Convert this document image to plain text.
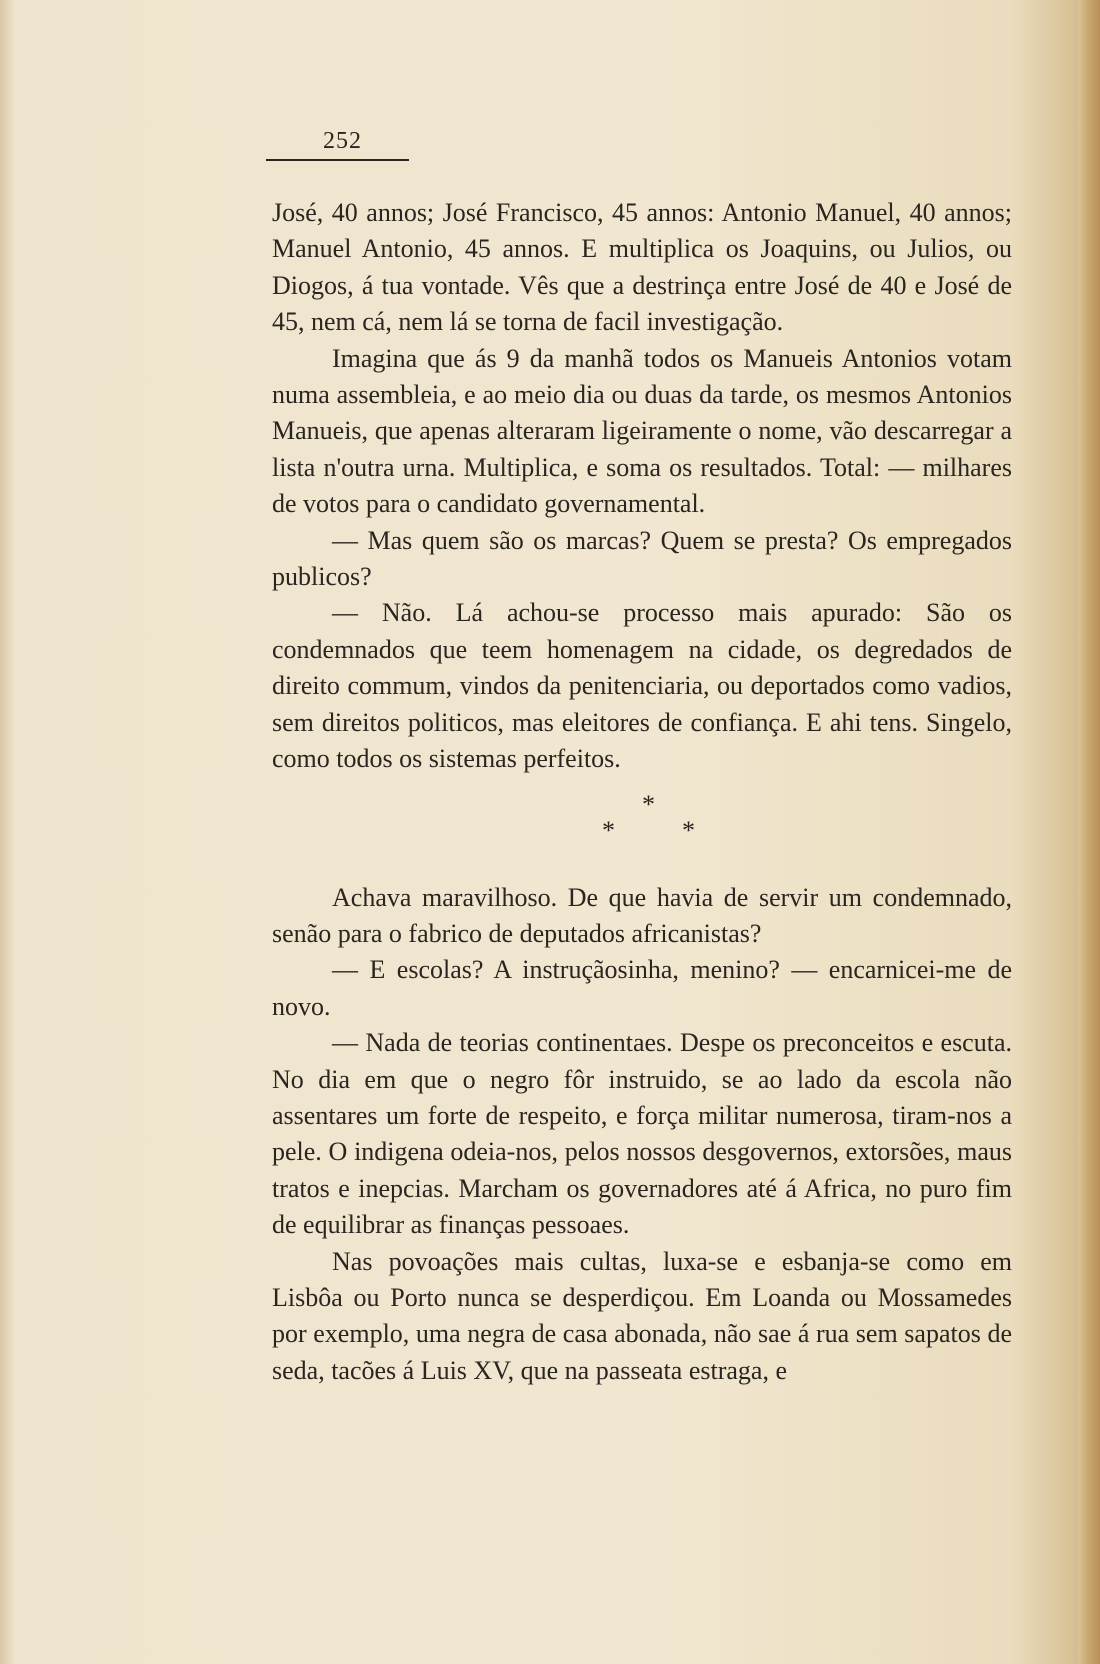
252

José, 40 annos; José Francisco, 45 annos: Antonio Manuel, 40 annos; Manuel Antonio, 45 annos. E multiplica os Joaquins, ou Julios, ou Diogos, á tua vontade. Vês que a destrinça entre José de 40 e José de 45, nem cá, nem lá se torna de facil investigação.

Imagina que ás 9 da manhã todos os Manueis Antonios votam numa assembleia, e ao meio dia ou duas da tarde, os mesmos Antonios Manueis, que apenas alteraram ligeiramente o nome, vão descarregar a lista n'outra urna. Multiplica, e soma os resultados. Total: — milhares de votos para o candidato governamental.

— Mas quem são os marcas? Quem se presta? Os empregados publicos?

— Não. Lá achou-se processo mais apurado: São os condemnados que teem homenagem na cidade, os degredados de direito commum, vindos da penitenciaria, ou deportados como vadios, sem direitos politicos, mas eleitores de confiança. E ahi tens. Singelo, como todos os sistemas perfeitos.

*
*	*

Achava maravilhoso. De que havia de servir um condemnado, senão para o fabrico de deputados africanistas?

— E escolas? A instruçãosinha, menino? — encarnicei-me de novo.

— Nada de teorias continentaes. Despe os preconceitos e escuta. No dia em que o negro fôr instruido, se ao lado da escola não assentares um forte de respeito, e força militar numerosa, tiram-nos a pele. O indigena odeia-nos, pelos nossos desgovernos, extorsões, maus tratos e inepcias. Marcham os governadores até á Africa, no puro fim de equilibrar as finanças pessoaes.

Nas povoações mais cultas, luxa-se e esbanja-se como em Lisbôa ou Porto nunca se desperdiçou. Em Loanda ou Mossamedes por exemplo, uma negra de casa abonada, não sae á rua sem sapatos de seda, tacões á Luis XV, que na passeata estraga, e
